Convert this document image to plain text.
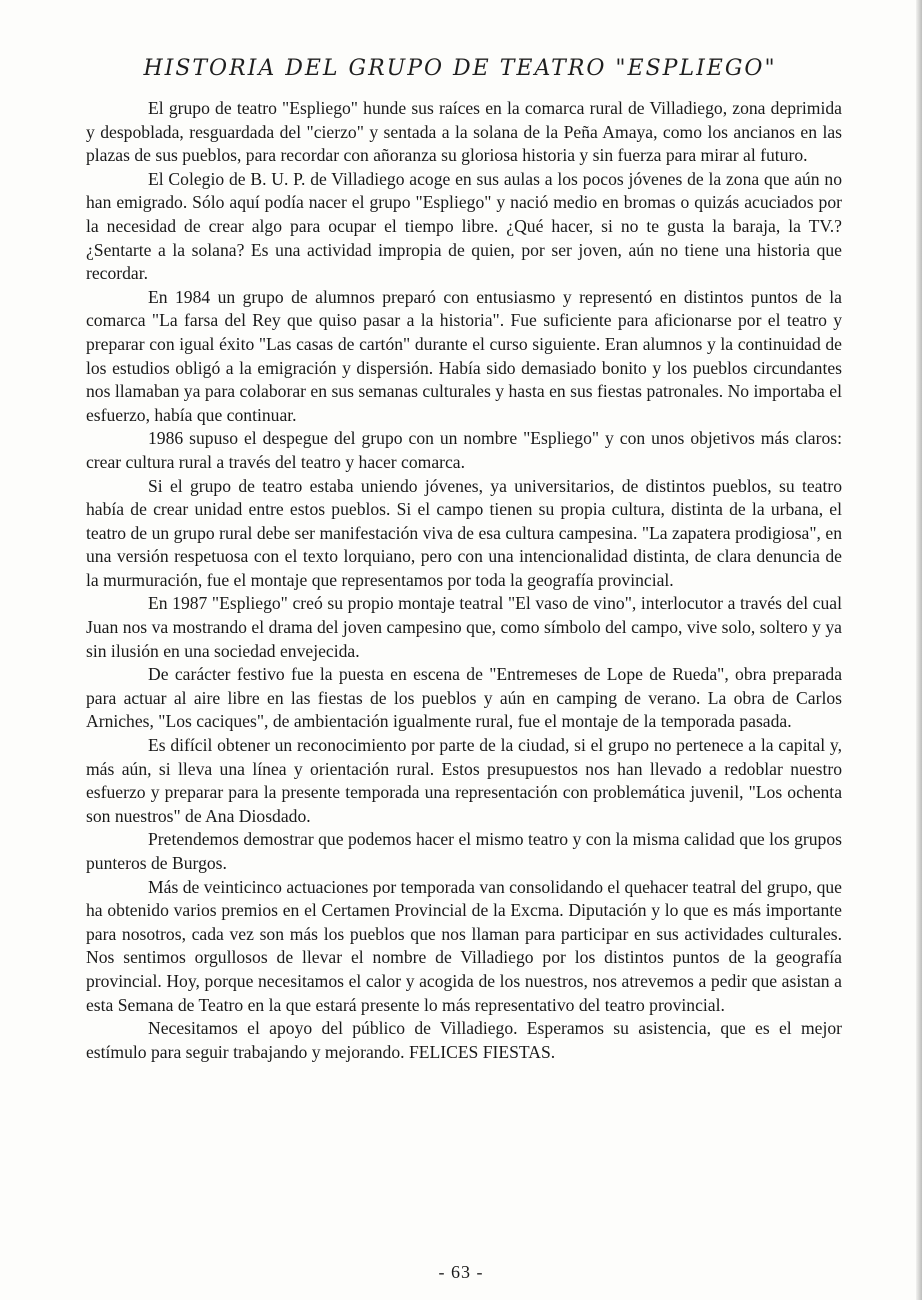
HISTORIA DEL GRUPO DE TEATRO "ESPLIEGO"

El grupo de teatro "Espliego" hunde sus raíces en la comarca rural de Villadiego, zona deprimida y despoblada, resguardada del "cierzo" y sentada a la solana de la Peña Amaya, como los ancianos en las plazas de sus pueblos, para recordar con añoranza su gloriosa historia y sin fuerza para mirar al futuro.

El Colegio de B. U. P. de Villadiego acoge en sus aulas a los pocos jóvenes de la zona que aún no han emigrado. Sólo aquí podía nacer el grupo "Espliego" y nació medio en bromas o quizás acuciados por la necesidad de crear algo para ocupar el tiempo libre. ¿Qué hacer, si no te gusta la baraja, la TV.? ¿Sentarte a la solana? Es una actividad impropia de quien, por ser joven, aún no tiene una historia que recordar.

En 1984 un grupo de alumnos preparó con entusiasmo y representó en distintos puntos de la comarca "La farsa del Rey que quiso pasar a la historia". Fue suficiente para aficionarse por el teatro y preparar con igual éxito "Las casas de cartón" durante el curso siguiente. Eran alumnos y la continuidad de los estudios obligó a la emigración y dispersión. Había sido demasiado bonito y los pueblos circundantes nos llamaban ya para colaborar en sus semanas culturales y hasta en sus fiestas patronales. No importaba el esfuerzo, había que continuar.

1986 supuso el despegue del grupo con un nombre "Espliego" y con unos objetivos más claros: crear cultura rural a través del teatro y hacer comarca.

Si el grupo de teatro estaba uniendo jóvenes, ya universitarios, de distintos pueblos, su teatro había de crear unidad entre estos pueblos. Si el campo tienen su propia cultura, distinta de la urbana, el teatro de un grupo rural debe ser manifestación viva de esa cultura campesina. "La zapatera prodigiosa", en una versión respetuosa con el texto lorquiano, pero con una intencionalidad distinta, de clara denuncia de la murmuración, fue el montaje que representamos por toda la geografía provincial.

En 1987 "Espliego" creó su propio montaje teatral "El vaso de vino", interlocutor a través del cual Juan nos va mostrando el drama del joven campesino que, como símbolo del campo, vive solo, soltero y ya sin ilusión en una sociedad envejecida.

De carácter festivo fue la puesta en escena de "Entremeses de Lope de Rueda", obra preparada para actuar al aire libre en las fiestas de los pueblos y aún en camping de verano. La obra de Carlos Arniches, "Los caciques", de ambientación igualmente rural, fue el montaje de la temporada pasada.

Es difícil obtener un reconocimiento por parte de la ciudad, si el grupo no pertenece a la capital y, más aún, si lleva una línea y orientación rural. Estos presupuestos nos han llevado a redoblar nuestro esfuerzo y preparar para la presente temporada una representación con problemática juvenil, "Los ochenta son nuestros" de Ana Diosdado.

Pretendemos demostrar que podemos hacer el mismo teatro y con la misma calidad que los grupos punteros de Burgos.

Más de veinticinco actuaciones por temporada van consolidando el quehacer teatral del grupo, que ha obtenido varios premios en el Certamen Provincial de la Excma. Diputación y lo que es más importante para nosotros, cada vez son más los pueblos que nos llaman para participar en sus actividades culturales. Nos sentimos orgullosos de llevar el nombre de Villadiego por los distintos puntos de la geografía provincial. Hoy, porque necesitamos el calor y acogida de los nuestros, nos atrevemos a pedir que asistan a esta Semana de Teatro en la que estará presente lo más representativo del teatro provincial.

Necesitamos el apoyo del público de Villadiego. Esperamos su asistencia, que es el mejor estímulo para seguir trabajando y mejorando. FELICES FIESTAS.

- 63 -
